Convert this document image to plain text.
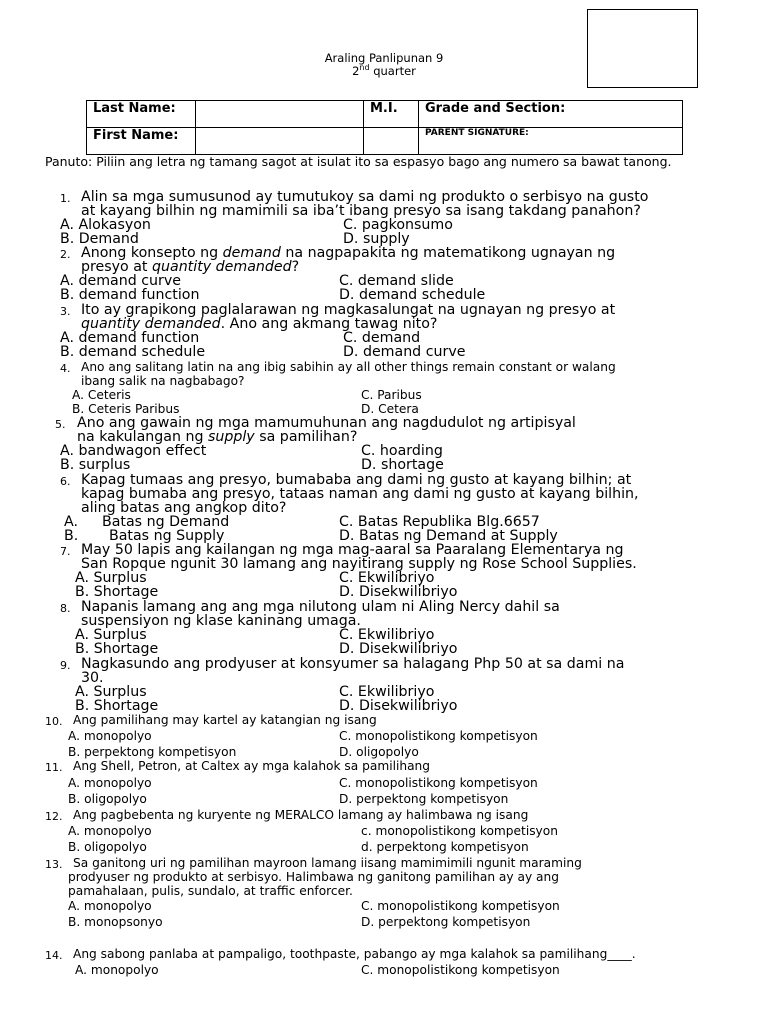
Araling Panlipunan 9
2nd quarter
Last Name:		M.I.	Grade and Section:
First Name:			PARENT SIGNATURE:
Panuto: Piliin ang letra ng tamang sagot at isulat ito sa espasyo bago ang numero sa bawat tanong.
1. Alin sa mga sumusunod ay tumutukoy sa dami ng produkto o serbisyo na gusto
at kayang bilhin ng mamimili sa iba’t ibang presyo sa isang takdang panahon?
A. Alokasyon
B. Demand
C. pagkonsumo
D. supply
2. Anong konsepto ng demand na nagpapakita ng matematikong ugnayan ng
presyo at quantity demanded?
A. demand curve
B. demand function
C. demand slide
D. demand schedule
3. Ito ay grapikong paglalarawan ng magkasalungat na ugnayan ng presyo at
quantity demanded. Ano ang akmang tawag nito?
A. demand function
B. demand schedule
C. demand
D. demand curve
4. Ano ang salitang latin na ang ibig sabihin ay all other things remain constant or walang
ibang salik na nagbabago?
A. Ceteris
B. Ceteris Paribus
C. Paribus
D. Cetera
5. Ano ang gawain ng mga mamumuhunan ang nagdudulot ng artipisyal
na kakulangan ng supply sa pamilihan?
A. bandwagon effect
B. surplus
C. hoarding
D. shortage
6. Kapag tumaas ang presyo, bumababa ang dami ng gusto at kayang bilhin; at
kapag bumaba ang presyo, tataas naman ang dami ng gusto at kayang bilhin,
aling batas ang angkop dito?
A. Batas ng Demand
B. Batas ng Supply
C. Batas Republika Blg.6657
D. Batas ng Demand at Supply
7. May 50 lapis ang kailangan ng mga mag-aaral sa Paaralang Elementarya ng
San Ropque ngunit 30 lamang ang nayitirang supply ng Rose School Supplies.
A. Surplus
B. Shortage
C. Ekwilibriyo
D. Disekwilibriyo
8. Napanis lamang ang ang mga nilutong ulam ni Aling Nercy dahil sa
suspensiyon ng klase kaninang umaga.
A. Surplus
B. Shortage
C. Ekwilibriyo
D. Disekwilibriyo
9. Nagkasundo ang prodyuser at konsyumer sa halagang Php 50 at sa dami na
30.
A. Surplus
B. Shortage
C. Ekwilibriyo
D. Disekwilibriyo
10. Ang pamilihang may kartel ay katangian ng isang
A. monopolyo
B. perpektong kompetisyon
C. monopolistikong kompetisyon
D. oligopolyo
11. Ang Shell, Petron, at Caltex ay mga kalahok sa pamilihang
A. monopolyo
B. oligopolyo
C. monopolistikong kompetisyon
D. perpektong kompetisyon
12. Ang pagbebenta ng kuryente ng MERALCO lamang ay halimbawa ng isang
A. monopolyo
B. oligopolyo
c. monopolistikong kompetisyon
d. perpektong kompetisyon
13. Sa ganitong uri ng pamilihan mayroon lamang iisang mamimimili ngunit maraming
prodyuser ng produkto at serbisyo. Halimbawa ng ganitong pamilihan ay ay ang
pamahalaan, pulis, sundalo, at traffic enforcer.
A. monopolyo
B. monopsonyo
C. monopolistikong kompetisyon
D. perpektong kompetisyon
14. Ang sabong panlaba at pampaligo, toothpaste, pabango ay mga kalahok sa pamilihang____.
A. monopolyo	C. monopolistikong kompetisyon
